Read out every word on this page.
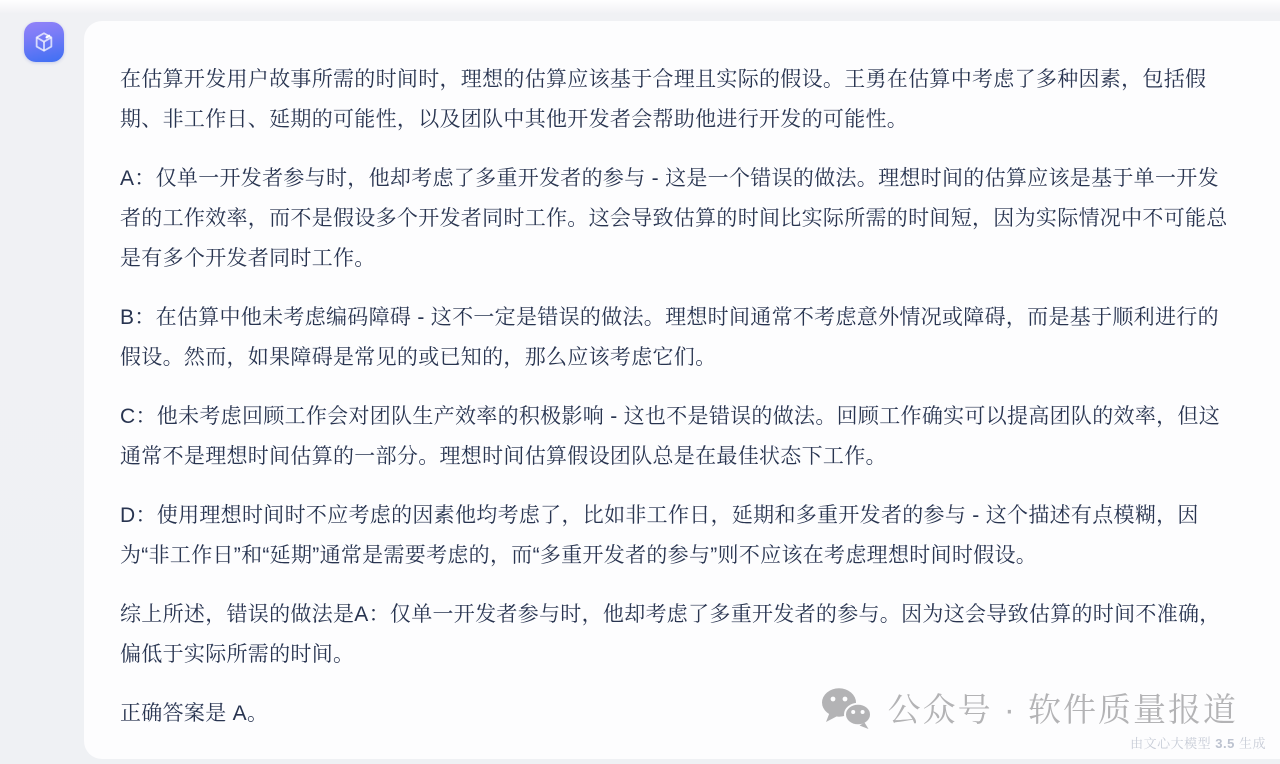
在估算开发用户故事所需的时间时，理想的估算应该基于合理且实际的假设。王勇在估算中考虑了多种因素，包括假期、非工作日、延期的可能性，以及团队中其他开发者会帮助他进行开发的可能性。

A：仅单一开发者参与时，他却考虑了多重开发者的参与 - 这是一个错误的做法。理想时间的估算应该是基于单一开发者的工作效率，而不是假设多个开发者同时工作。这会导致估算的时间比实际所需的时间短，因为实际情况中不可能总是有多个开发者同时工作。

B：在估算中他未考虑编码障碍 - 这不一定是错误的做法。理想时间通常不考虑意外情况或障碍，而是基于顺利进行的假设。然而，如果障碍是常见的或已知的，那么应该考虑它们。

C：他未考虑回顾工作会对团队生产效率的积极影响 - 这也不是错误的做法。回顾工作确实可以提高团队的效率，但这通常不是理想时间估算的一部分。理想时间估算假设团队总是在最佳状态下工作。

D：使用理想时间时不应考虑的因素他均考虑了，比如非工作日，延期和多重开发者的参与 - 这个描述有点模糊，因为“非工作日”和“延期”通常是需要考虑的，而“多重开发者的参与”则不应该在考虑理想时间时假设。

综上所述，错误的做法是A：仅单一开发者参与时，他却考虑了多重开发者的参与。因为这会导致估算的时间不准确，偏低于实际所需的时间。

正确答案是 A。	公众号 · 软件质量报道
由文心大模型 3.5 生成
